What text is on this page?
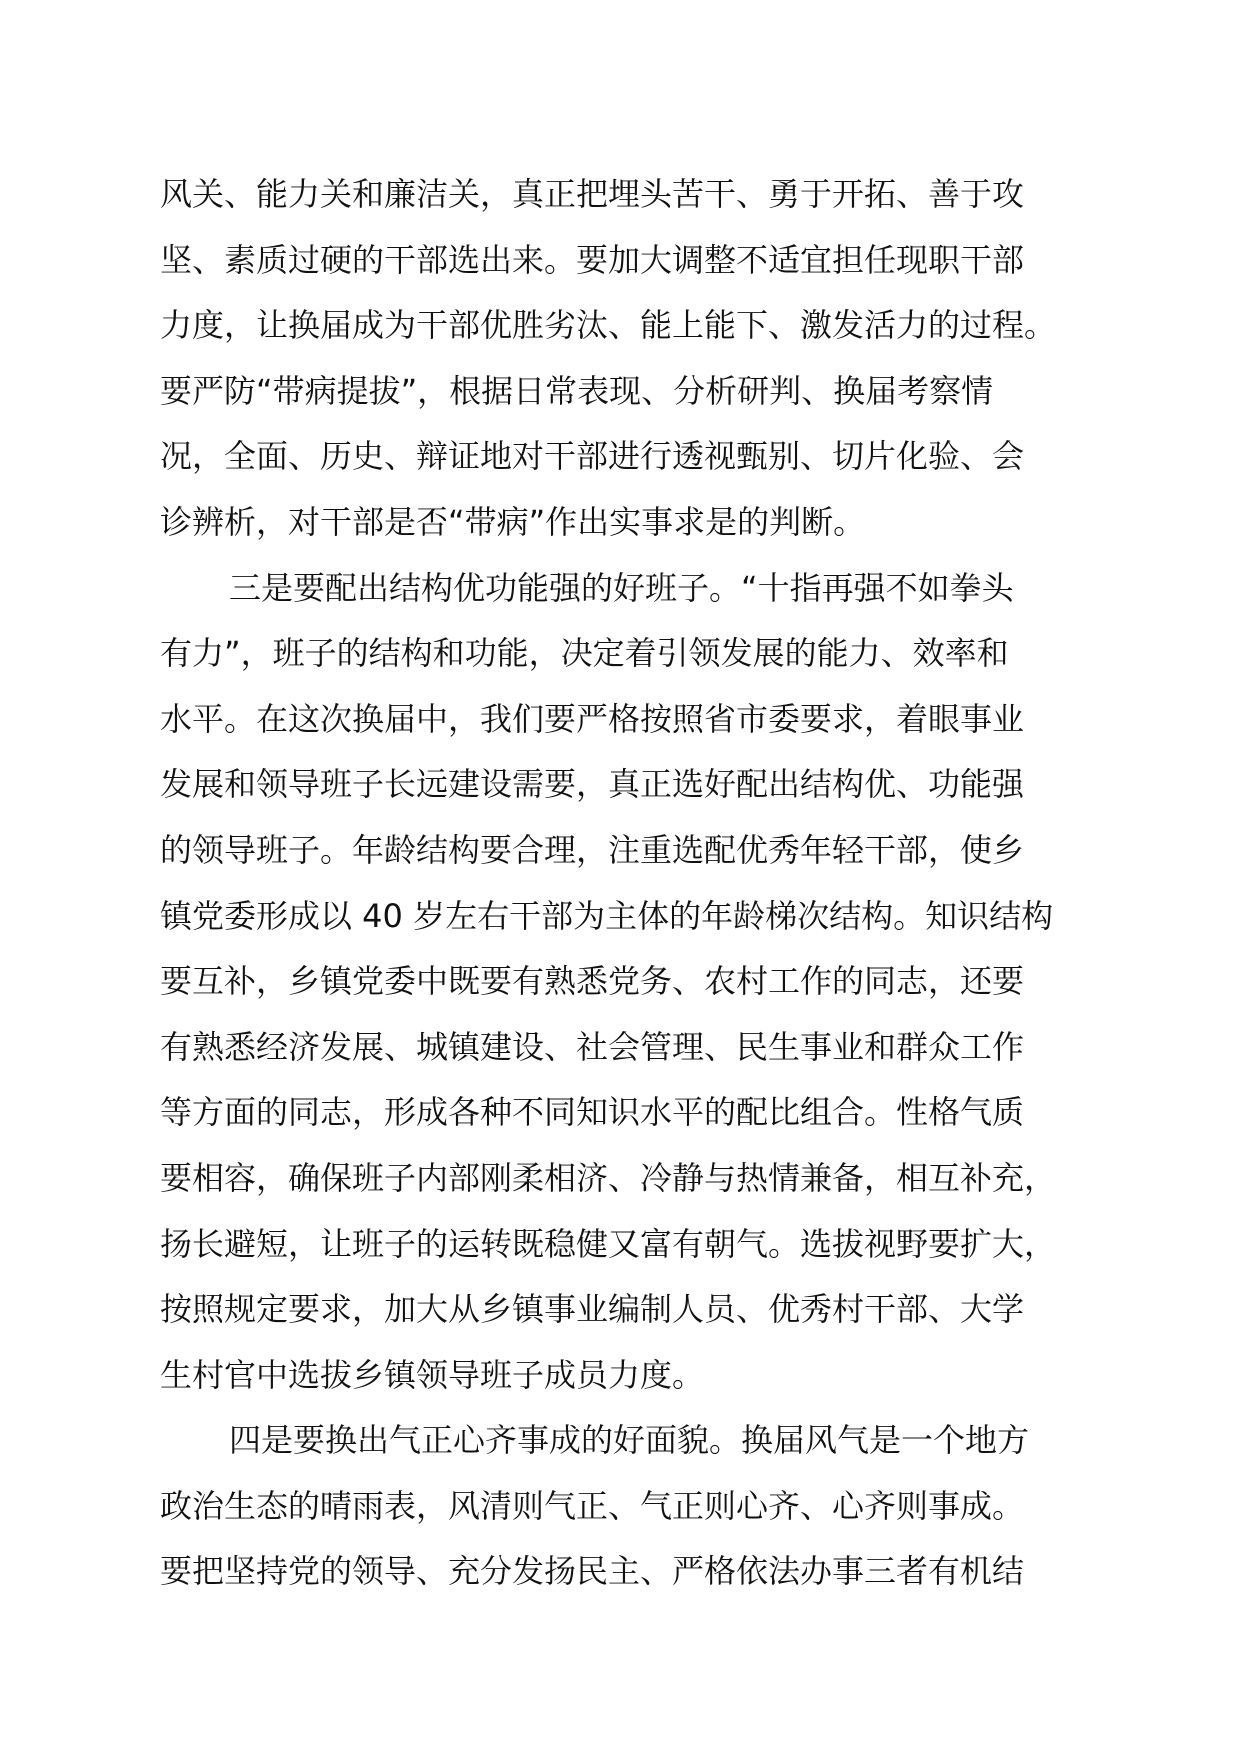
风关、能力关和廉洁关，真正把埋头苦干、勇于开拓、善于攻
坚、素质过硬的干部选出来。要加大调整不适宜担任现职干部
力度，让换届成为干部优胜劣汰、能上能下、激发活力的过程。
要严防“带病提拔”，根据日常表现、分析研判、换届考察情
况，全面、历史、辩证地对干部进行透视甄别、切片化验、会
诊辨析，对干部是否“带病”作出实事求是的判断。
三是要配出结构优功能强的好班子。“十指再强不如拳头
有力”，班子的结构和功能，决定着引领发展的能力、效率和
水平。在这次换届中，我们要严格按照省市委要求，着眼事业
发展和领导班子长远建设需要，真正选好配出结构优、功能强
的领导班子。年龄结构要合理，注重选配优秀年轻干部，使乡
镇党委形成以 40 岁左右干部为主体的年龄梯次结构。知识结构
要互补，乡镇党委中既要有熟悉党务、农村工作的同志，还要
有熟悉经济发展、城镇建设、社会管理、民生事业和群众工作
等方面的同志，形成各种不同知识水平的配比组合。性格气质
要相容，确保班子内部刚柔相济、冷静与热情兼备，相互补充，
扬长避短，让班子的运转既稳健又富有朝气。选拔视野要扩大，
按照规定要求，加大从乡镇事业编制人员、优秀村干部、大学
生村官中选拔乡镇领导班子成员力度。
四是要换出气正心齐事成的好面貌。换届风气是一个地方
政治生态的晴雨表，风清则气正、气正则心齐、心齐则事成。
要把坚持党的领导、充分发扬民主、严格依法办事三者有机结
